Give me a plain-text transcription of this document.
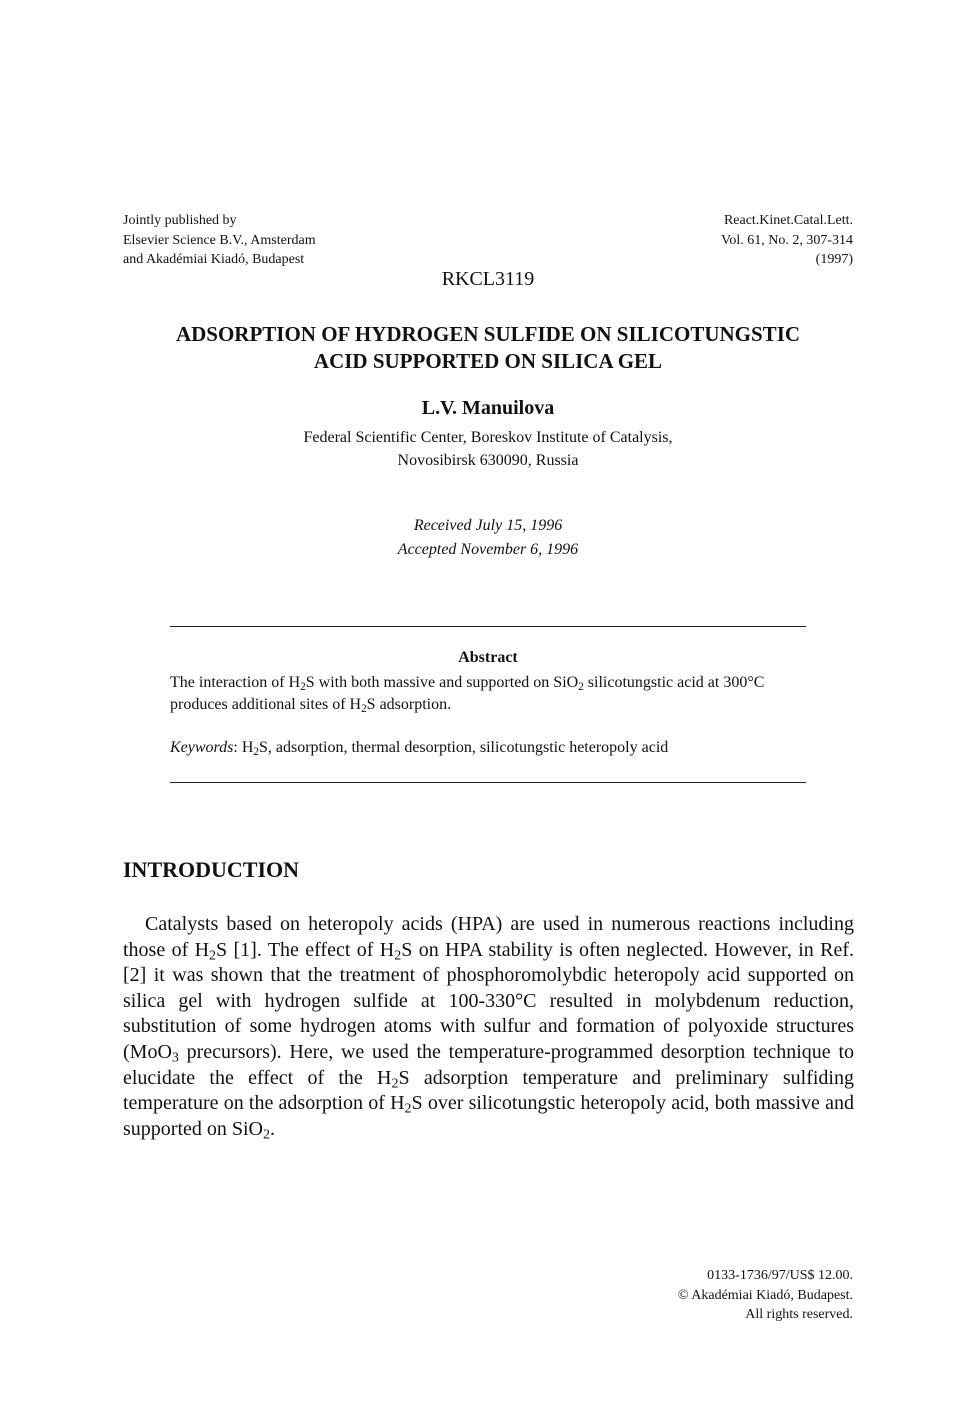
Jointly published by
Elsevier Science B.V., Amsterdam
and Akadémiai Kiadó, Budapest
React.Kinet.Catal.Lett.
Vol. 61, No. 2, 307-314
(1997)
RKCL3119
ADSORPTION OF HYDROGEN SULFIDE ON SILICOTUNGSTIC
ACID SUPPORTED ON SILICA GEL
L.V. Manuilova
Federal Scientific Center, Boreskov Institute of Catalysis,
Novosibirsk 630090, Russia
Received July 15, 1996
Accepted November 6, 1996
Abstract
The interaction of $H_2S$ with both massive and supported on SiO$_2$ silicotungstic acid at 300°C produces additional sites of $H_2S$ adsorption.
Keywords: $H_2S$, adsorption, thermal desorption, silicotungstic heteropoly acid
INTRODUCTION
Catalysts based on heteropoly acids (HPA) are used in numerous reactions including those of $H_2S$ [1]. The effect of $H_2S$ on HPA stability is often neglected. However, in Ref. [2] it was shown that the treatment of phosphoromolybdic heteropoly acid supported on silica gel with hydrogen sulfide at 100-330°C resulted in molybdenum reduction, substitution of some hydrogen atoms with sulfur and formation of polyoxide structures (MoO$_3$ precursors). Here, we used the temperature-programmed desorption technique to elucidate the effect of the $H_2S$ adsorption temperature and preliminary sulfiding temperature on the adsorption of $H_2S$ over silicotungstic heteropoly acid, both massive and supported on SiO$_2$.
0133-1736/97/US$ 12.00.
© Akadémiai Kiadó, Budapest.
All rights reserved.
